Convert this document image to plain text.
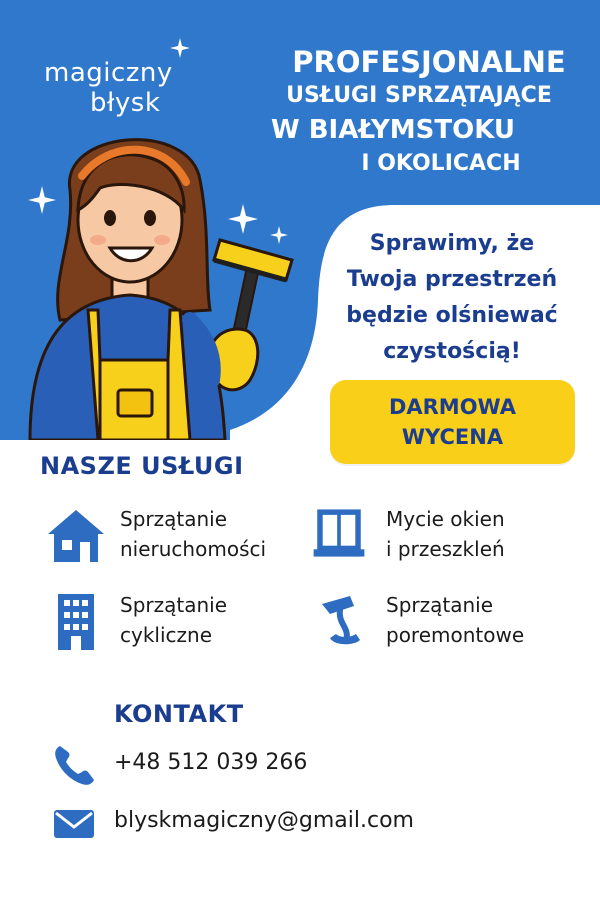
magiczny
błysk
PROFESJONALNE
USŁUGI SPRZĄTAJĄCE
W BIAŁYMSTOKU
I OKOLICACH
Sprawimy, że
Twoja przestrzeń
będzie olśniewać
czystością!
DARMOWA
WYCENA
NASZE USŁUGI
Sprzątanie
nieruchomości
Mycie okien
i przeszkleń
Sprzątanie
cykliczne
Sprzątanie
poremontowe
KONTAKT
+48 512 039 266
blyskmagiczny@gmail.com
